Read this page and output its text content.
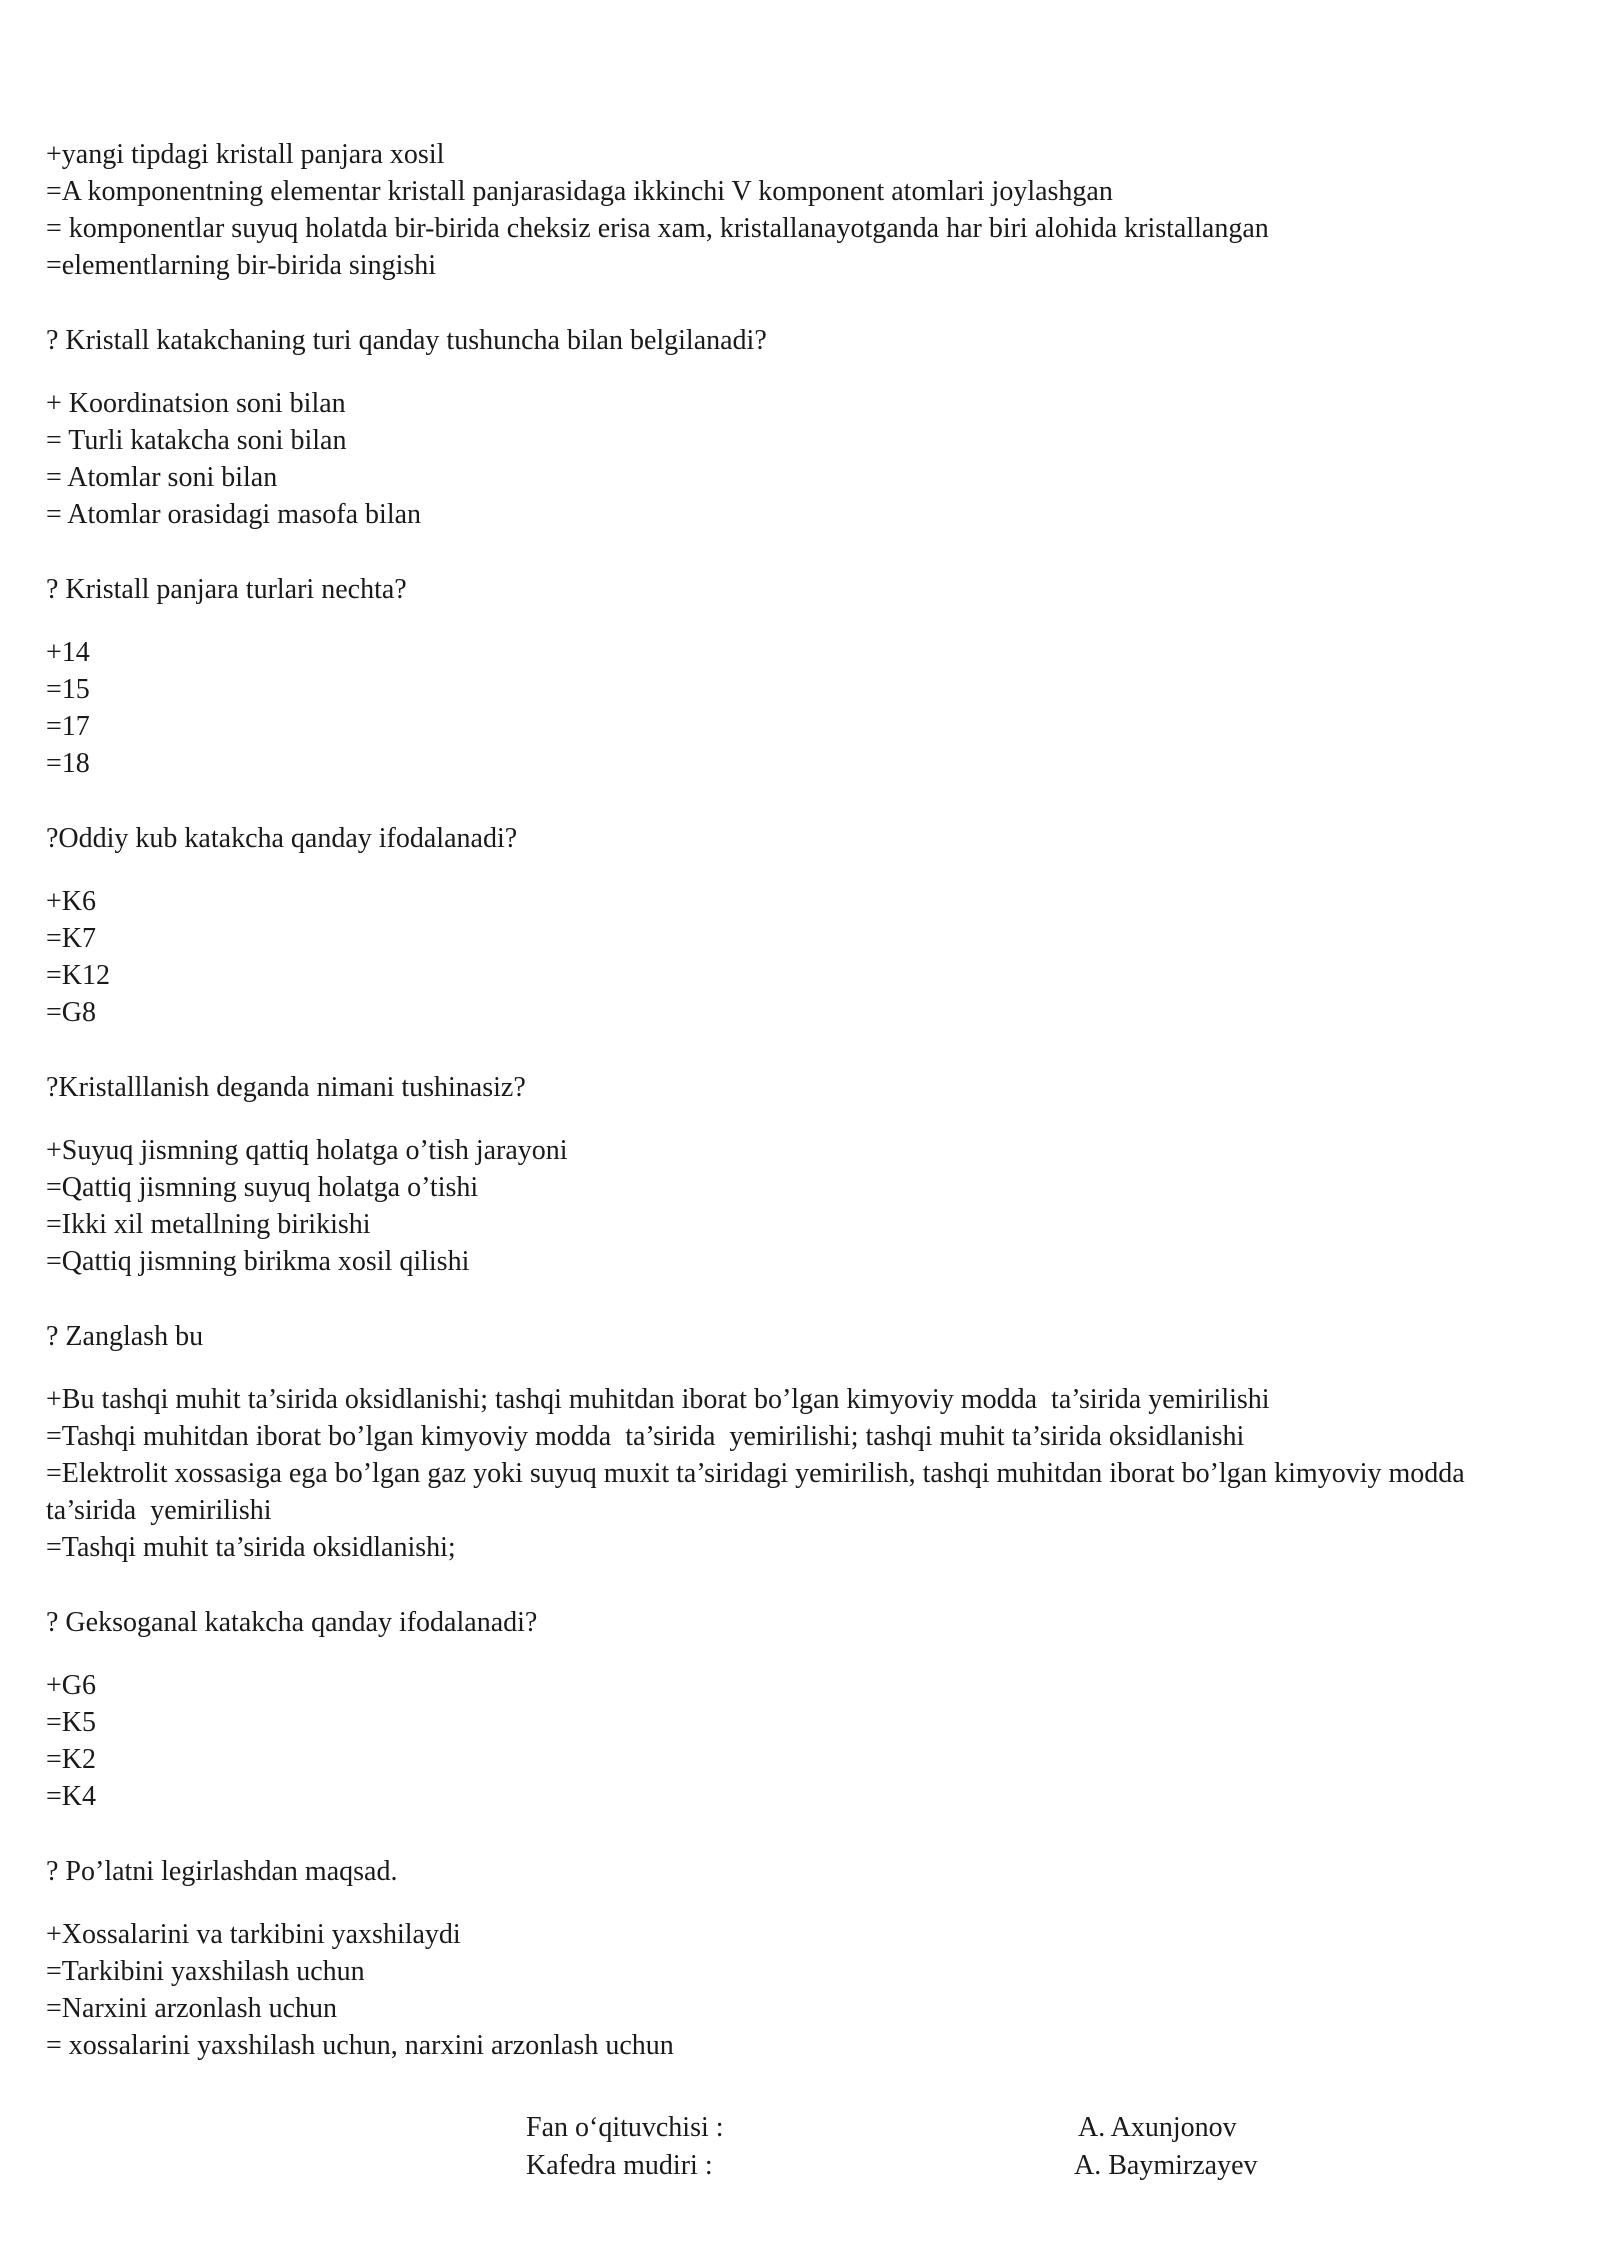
+yangi tipdagi kristall panjara xosil
=A komponentning elementar kristall panjarasidaga ikkinchi V komponent atomlari joylashgan
= komponentlar suyuq holatda bir-birida cheksiz erisa xam, kristallanayotganda har biri alohida kristallangan
=elementlarning bir-birida singishi
? Kristall katakchaning turi qanday tushuncha bilan belgilanadi?
+ Koordinatsion soni bilan
= Turli katakcha soni bilan
= Atomlar soni bilan
= Atomlar orasidagi masofa bilan
? Kristall panjara turlari nechta?
+14
=15
=17
=18
?Oddiy kub katakcha qanday ifodalanadi?
+K6
=K7
=K12
=G8
?Kristalllanish deganda nimani tushinasiz?
+Suyuq jismning qattiq holatga o’tish jarayoni
=Qattiq jismning suyuq holatga o’tishi
=Ikki xil metallning birikishi
=Qattiq jismning birikma xosil qilishi
? Zanglash bu
+Bu tashqi muhit ta’sirida oksidlanishi; tashqi muhitdan iborat bo’lgan kimyoviy modda  ta’sirida yemirilishi
=Tashqi muhitdan iborat bo’lgan kimyoviy modda  ta’sirida  yemirilishi; tashqi muhit ta’sirida oksidlanishi
=Elektrolit xossasiga ega bo’lgan gaz yoki suyuq muxit ta’siridagi yemirilish, tashqi muhitdan iborat bo’lgan kimyoviy modda ta’sirida  yemirilishi
=Tashqi muhit ta’sirida oksidlanishi;
? Geksoganal katakcha qanday ifodalanadi?
+G6
=K5
=K2
=K4
? Po’latni legirlashdan maqsad.
+Xossalarini va tarkibini yaxshilaydi
=Tarkibini yaxshilash uchun
=Narxini arzonlash uchun
= xossalarini yaxshilash uchun, narxini arzonlash uchun
Fan o‘qituvchisi :	A. Axunjonov
Kafedra mudiri :	A. Baymirzayev
